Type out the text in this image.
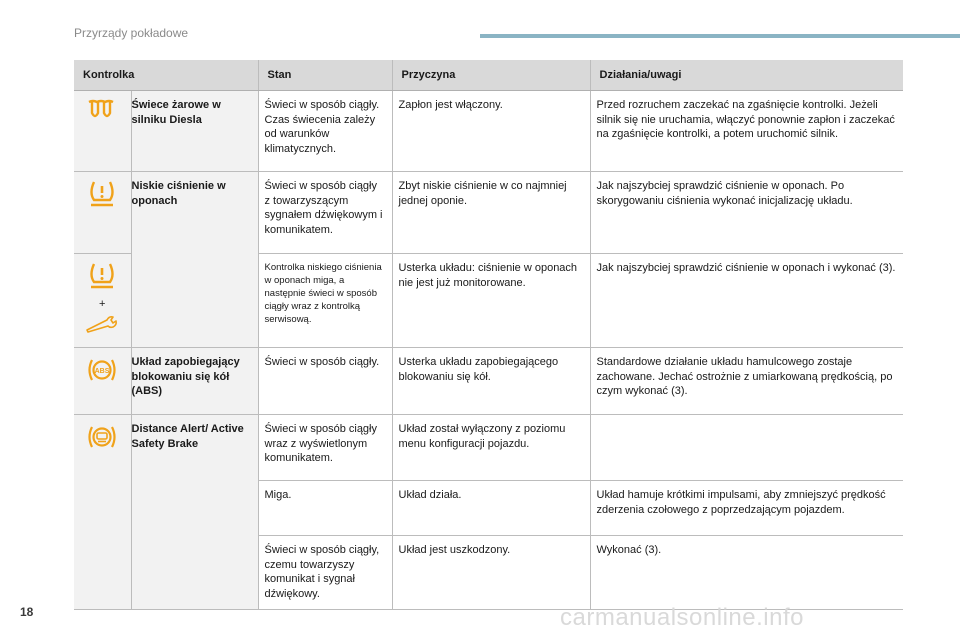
Przyrządy pokładowe
Kontrolka		Stan	Przyczyna	Działania/uwagi
	Świece żarowe w silniku Diesla	Świeci w sposób ciągły. Czas świecenia zależy od warunków klimatycznych.	Zapłon jest włączony.	Przed rozruchem zaczekać na zgaśnięcie kontrolki. Jeżeli silnik się nie uruchamia, włączyć ponownie zapłon i zaczekać na zgaśnięcie kontrolki, a potem uruchomić silnik.
	Niskie ciśnienie w oponach	Świeci w sposób ciągły z towarzyszącym sygnałem dźwiękowym i komunikatem.	Zbyt niskie ciśnienie w co najmniej jednej oponie.	Jak najszybciej sprawdzić ciśnienie w oponach. Po skorygowaniu ciśnienia wykonać inicjalizację układu.

+		Kontrolka niskiego ciśnienia w oponach miga, a następnie świeci w sposób ciągły wraz z kontrolką serwisową.	Usterka układu: ciśnienie w oponach nie jest już monitorowane.	Jak najszybciej sprawdzić ciśnienie w oponach i wykonać (3).

ABS	Układ zapobiegający blokowaniu się kół (ABS)	Świeci w sposób ciągły.	Usterka układu zapobiegającego blokowaniu się kół.	Standardowe działanie układu hamulcowego zostaje zachowane. Jechać ostrożnie z umiarkowaną prędkością, po czym wykonać (3).
	Distance Alert/ Active Safety Brake	Świeci w sposób ciągły wraz z wyświetlonym komunikatem.	Układ został wyłączony z poziomu menu konfiguracji pojazdu.	
		Miga.	Układ działa.	Układ hamuje krótkimi impulsami, aby zmniejszyć prędkość zderzenia czołowego z poprzedzającym pojazdem.
		Świeci w sposób ciągły, czemu towarzyszy komunikat i sygnał dźwiękowy.	Układ jest uszkodzony.	Wykonać (3).
18	carmanualsonline.info
